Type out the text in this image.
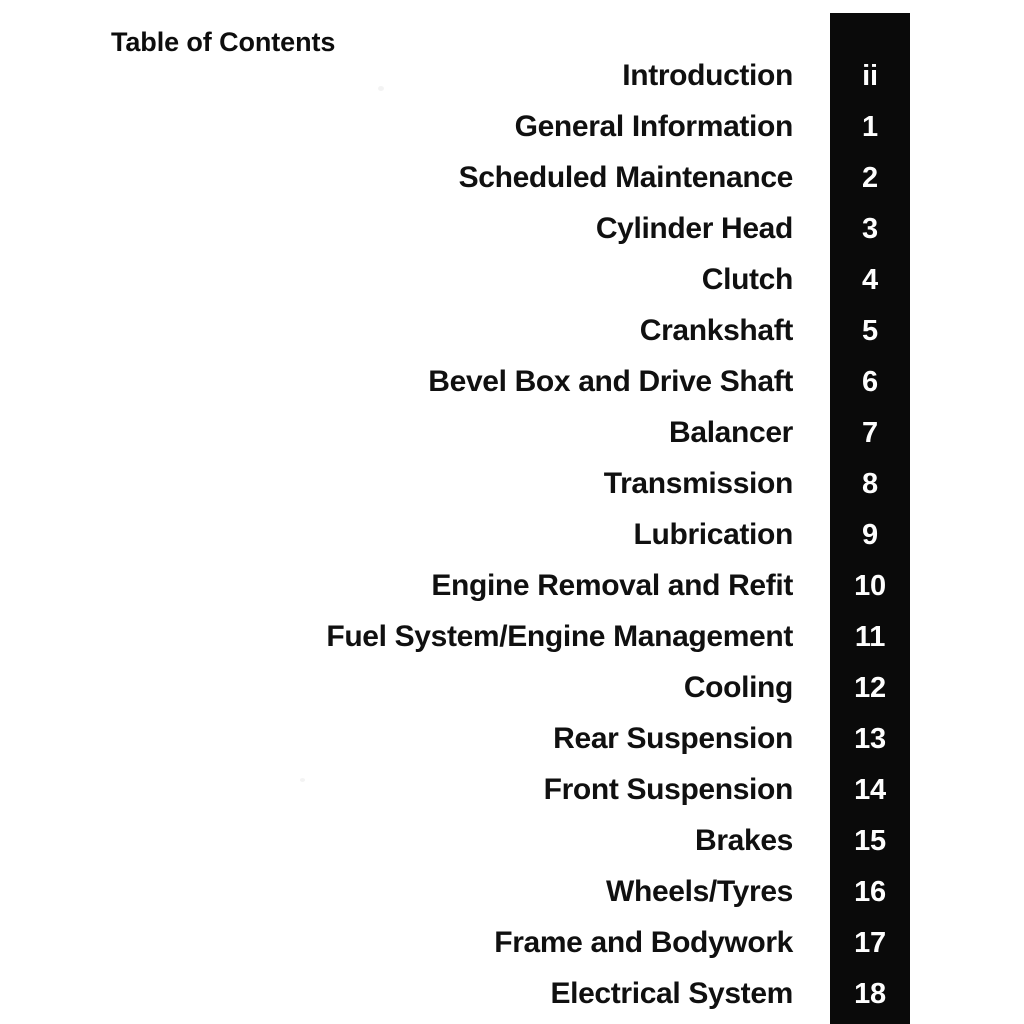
Table of Contents
Introduction	ii
General Information	1
Scheduled Maintenance	2
Cylinder Head	3
Clutch	4
Crankshaft	5
Bevel Box and Drive Shaft	6
Balancer	7
Transmission	8
Lubrication	9
Engine Removal and Refit	10
Fuel System/Engine Management	11
Cooling	12
Rear Suspension	13
Front Suspension	14
Brakes	15
Wheels/Tyres	16
Frame and Bodywork	17
Electrical System	18
